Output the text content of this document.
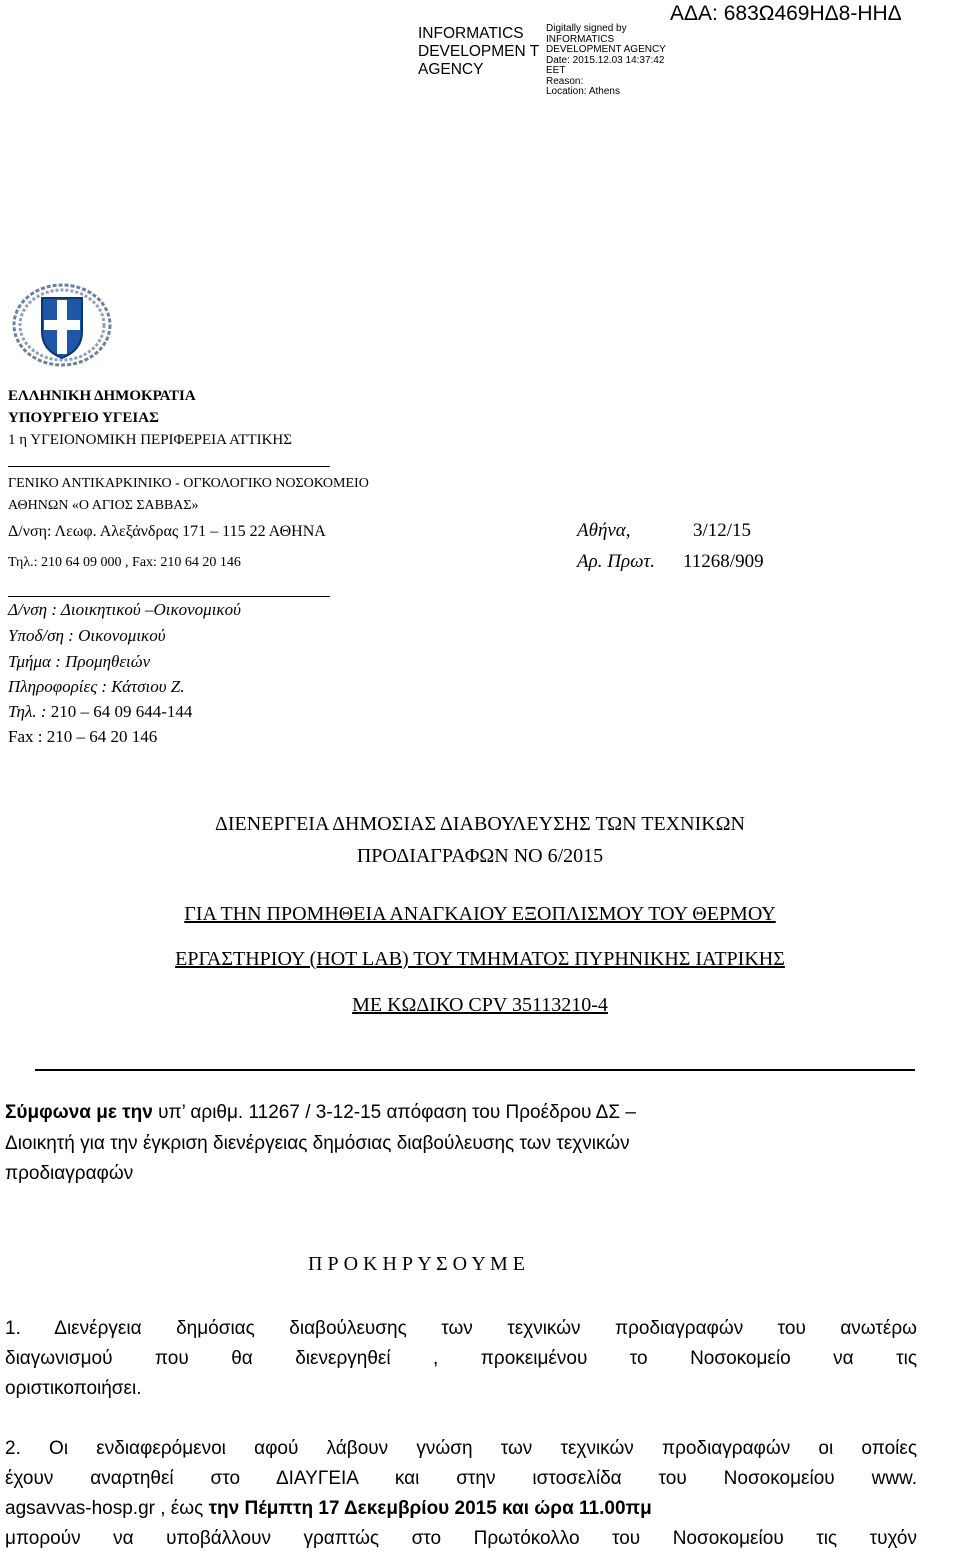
INFORMATICS DEVELOPMEN T AGENCY
Digitally signed by
INFORMATICS
DEVELOPMENT AGENCY
Date: 2015.12.03 14:37:42
EET
Reason:
Location: Athens
ΑΔΑ: 683Ω469ΗΔ8-ΗΗΔ
ΕΛΛΗΝΙΚΗ ΔΗΜΟΚΡΑΤΙΑ
ΥΠΟΥΡΓΕΙΟ ΥΓΕΙΑΣ
1 η ΥΓΕΙΟΝΟΜΙΚΗ ΠΕΡΙΦΕΡΕΙΑ ΑΤΤΙΚΗΣ
ΓΕΝΙΚΟ ΑΝΤΙΚΑΡΚΙΝΙΚΟ - ΟΓΚΟΛΟΓΙΚΟ ΝΟΣΟΚΟΜΕΙΟ
ΑΘΗΝΩΝ «Ο ΑΓΙΟΣ ΣΑΒΒΑΣ»
Δ/νση: Λεωφ. Αλεξάνδρας 171 – 115 22 ΑΘΗΝΑ
Τηλ.: 210 64 09 000 , Fax: 210 64 20 146
Αθήνα,	3/12/15
Αρ. Πρωτ. 11268/909
Δ/νση : Διοικητικού –Οικονομικού
Υποδ/ση : Οικονομικού
Τμήμα : Προμηθειών
Πληροφορίες : Κάτσιου Ζ.
Τηλ. : 210 – 64 09 644-144
Fax : 210 – 64 20 146
ΔΙΕΝΕΡΓΕΙΑ ΔΗΜΟΣΙΑΣ ΔΙΑΒΟΥΛΕΥΣΗΣ ΤΩΝ ΤΕΧΝΙΚΩΝ
ΠΡΟΔΙΑΓΡΑΦΩΝ ΝΟ 6/2015
ΓΙΑ ΤΗΝ ΠΡΟΜΗΘΕΙΑ ΑΝΑΓΚΑΙΟΥ ΕΞΟΠΛΙΣΜΟΥ ΤΟΥ ΘΕΡΜΟΥ
ΕΡΓΑΣΤΗΡΙΟΥ (HOT LAB) ΤΟΥ ΤΜΗΜΑΤΟΣ ΠΥΡΗΝΙΚΗΣ ΙΑΤΡΙΚΗΣ
ΜΕ ΚΩΔΙΚΟ CPV 35113210-4
Σύμφωνα με την υπ’ αριθμ. 11267 / 3-12-15 απόφαση του Προέδρου ΔΣ –
Διοικητή για την έγκριση διενέργειας δημόσιας διαβούλευσης των τεχνικών
προδιαγραφών
Π Ρ Ο Κ Η Ρ Υ Σ Ο Υ Μ Ε
1. Διενέργεια δημόσιας διαβούλευσης των τεχνικών προδιαγραφών του ανωτέρω
διαγωνισμού που θα διενεργηθεί , προκειμένου το Νοσοκομείο να τις
οριστικοποιήσει.
2. Οι ενδιαφερόμενοι αφού λάβουν γνώση των τεχνικών προδιαγραφών οι οποίες
έχουν αναρτηθεί στο ΔΙΑΥΓΕΙΑ και στην ιστοσελίδα του Νοσοκομείου www.
agsavvas-hosp.gr , έως την Πέμπτη 17 Δεκεμβρίου 2015 και ώρα 11.00πμ
μπορούν να υποβάλλουν γραπτώς στο Πρωτόκολλο του Νοσοκομείου τις τυχόν
